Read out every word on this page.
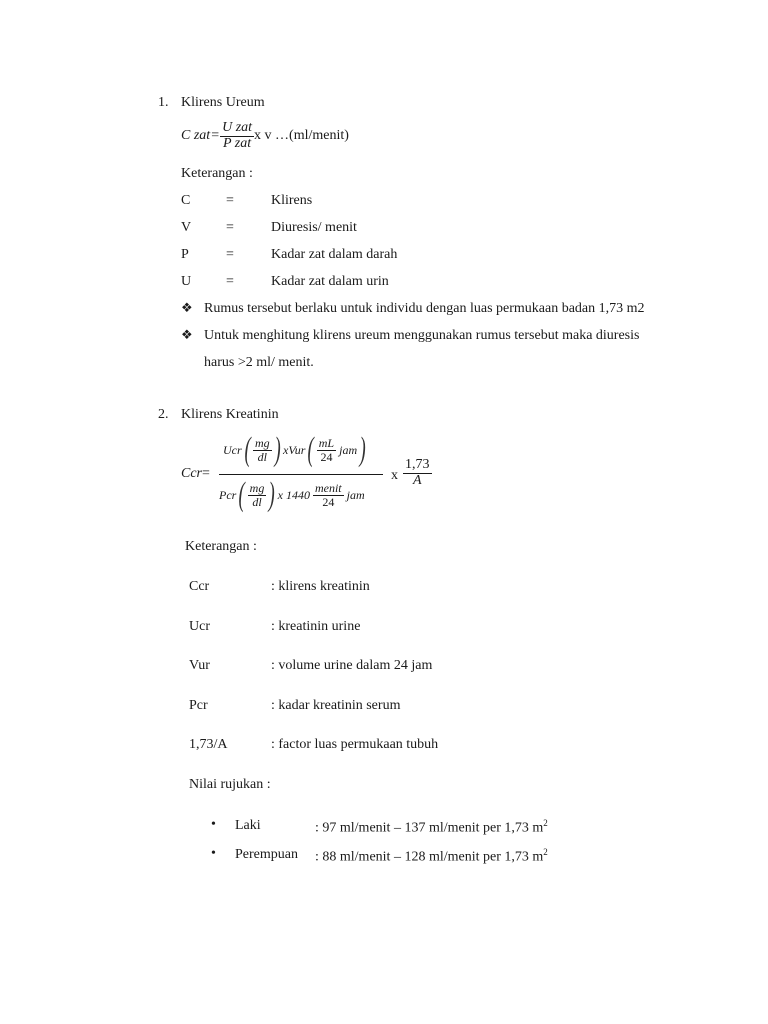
1. Klirens Ureum
C zat = $\frac{\text{U zat}}{\text{P zat}}$ x v …(ml/menit)
Keterangan :
C	=	Klirens
V =	Diuresis/ menit
P	=	Kadar zat dalam darah
U =	Kadar zat dalam urin
❖ Rumus tersebut berlaku untuk individu dengan luas permukaan badan 1,73 m2
❖ Untuk menghitung klirens ureum menggunakan rumus tersebut maka diuresis
harus >2 ml/ menit.
2. Klirens Kreatinin
Ccr=
Ucr ( $\frac{mg}{dl}$ ) xVur ( $\frac{mL}{24}$ jam )
Pcr ( $\frac{mg}{dl}$ ) x $1440 \frac{\text{menit}}{24}$ jam
x $\frac{1,73}{A}$
Keterangan :
Ccr	: klirens kreatinin
Ucr	: kreatinin urine
Vur	: volume urine dalam 24 jam
Pcr	: kadar kreatinin serum
1,73/A	: factor luas permukaan tubuh
Nilai rujukan :
• Laki	: 97 ml/menit – 137 ml/menit per 1,73 $m^2$
• Perempuan : 88 ml/menit – 128 ml/menit per 1,73 $m^2$
